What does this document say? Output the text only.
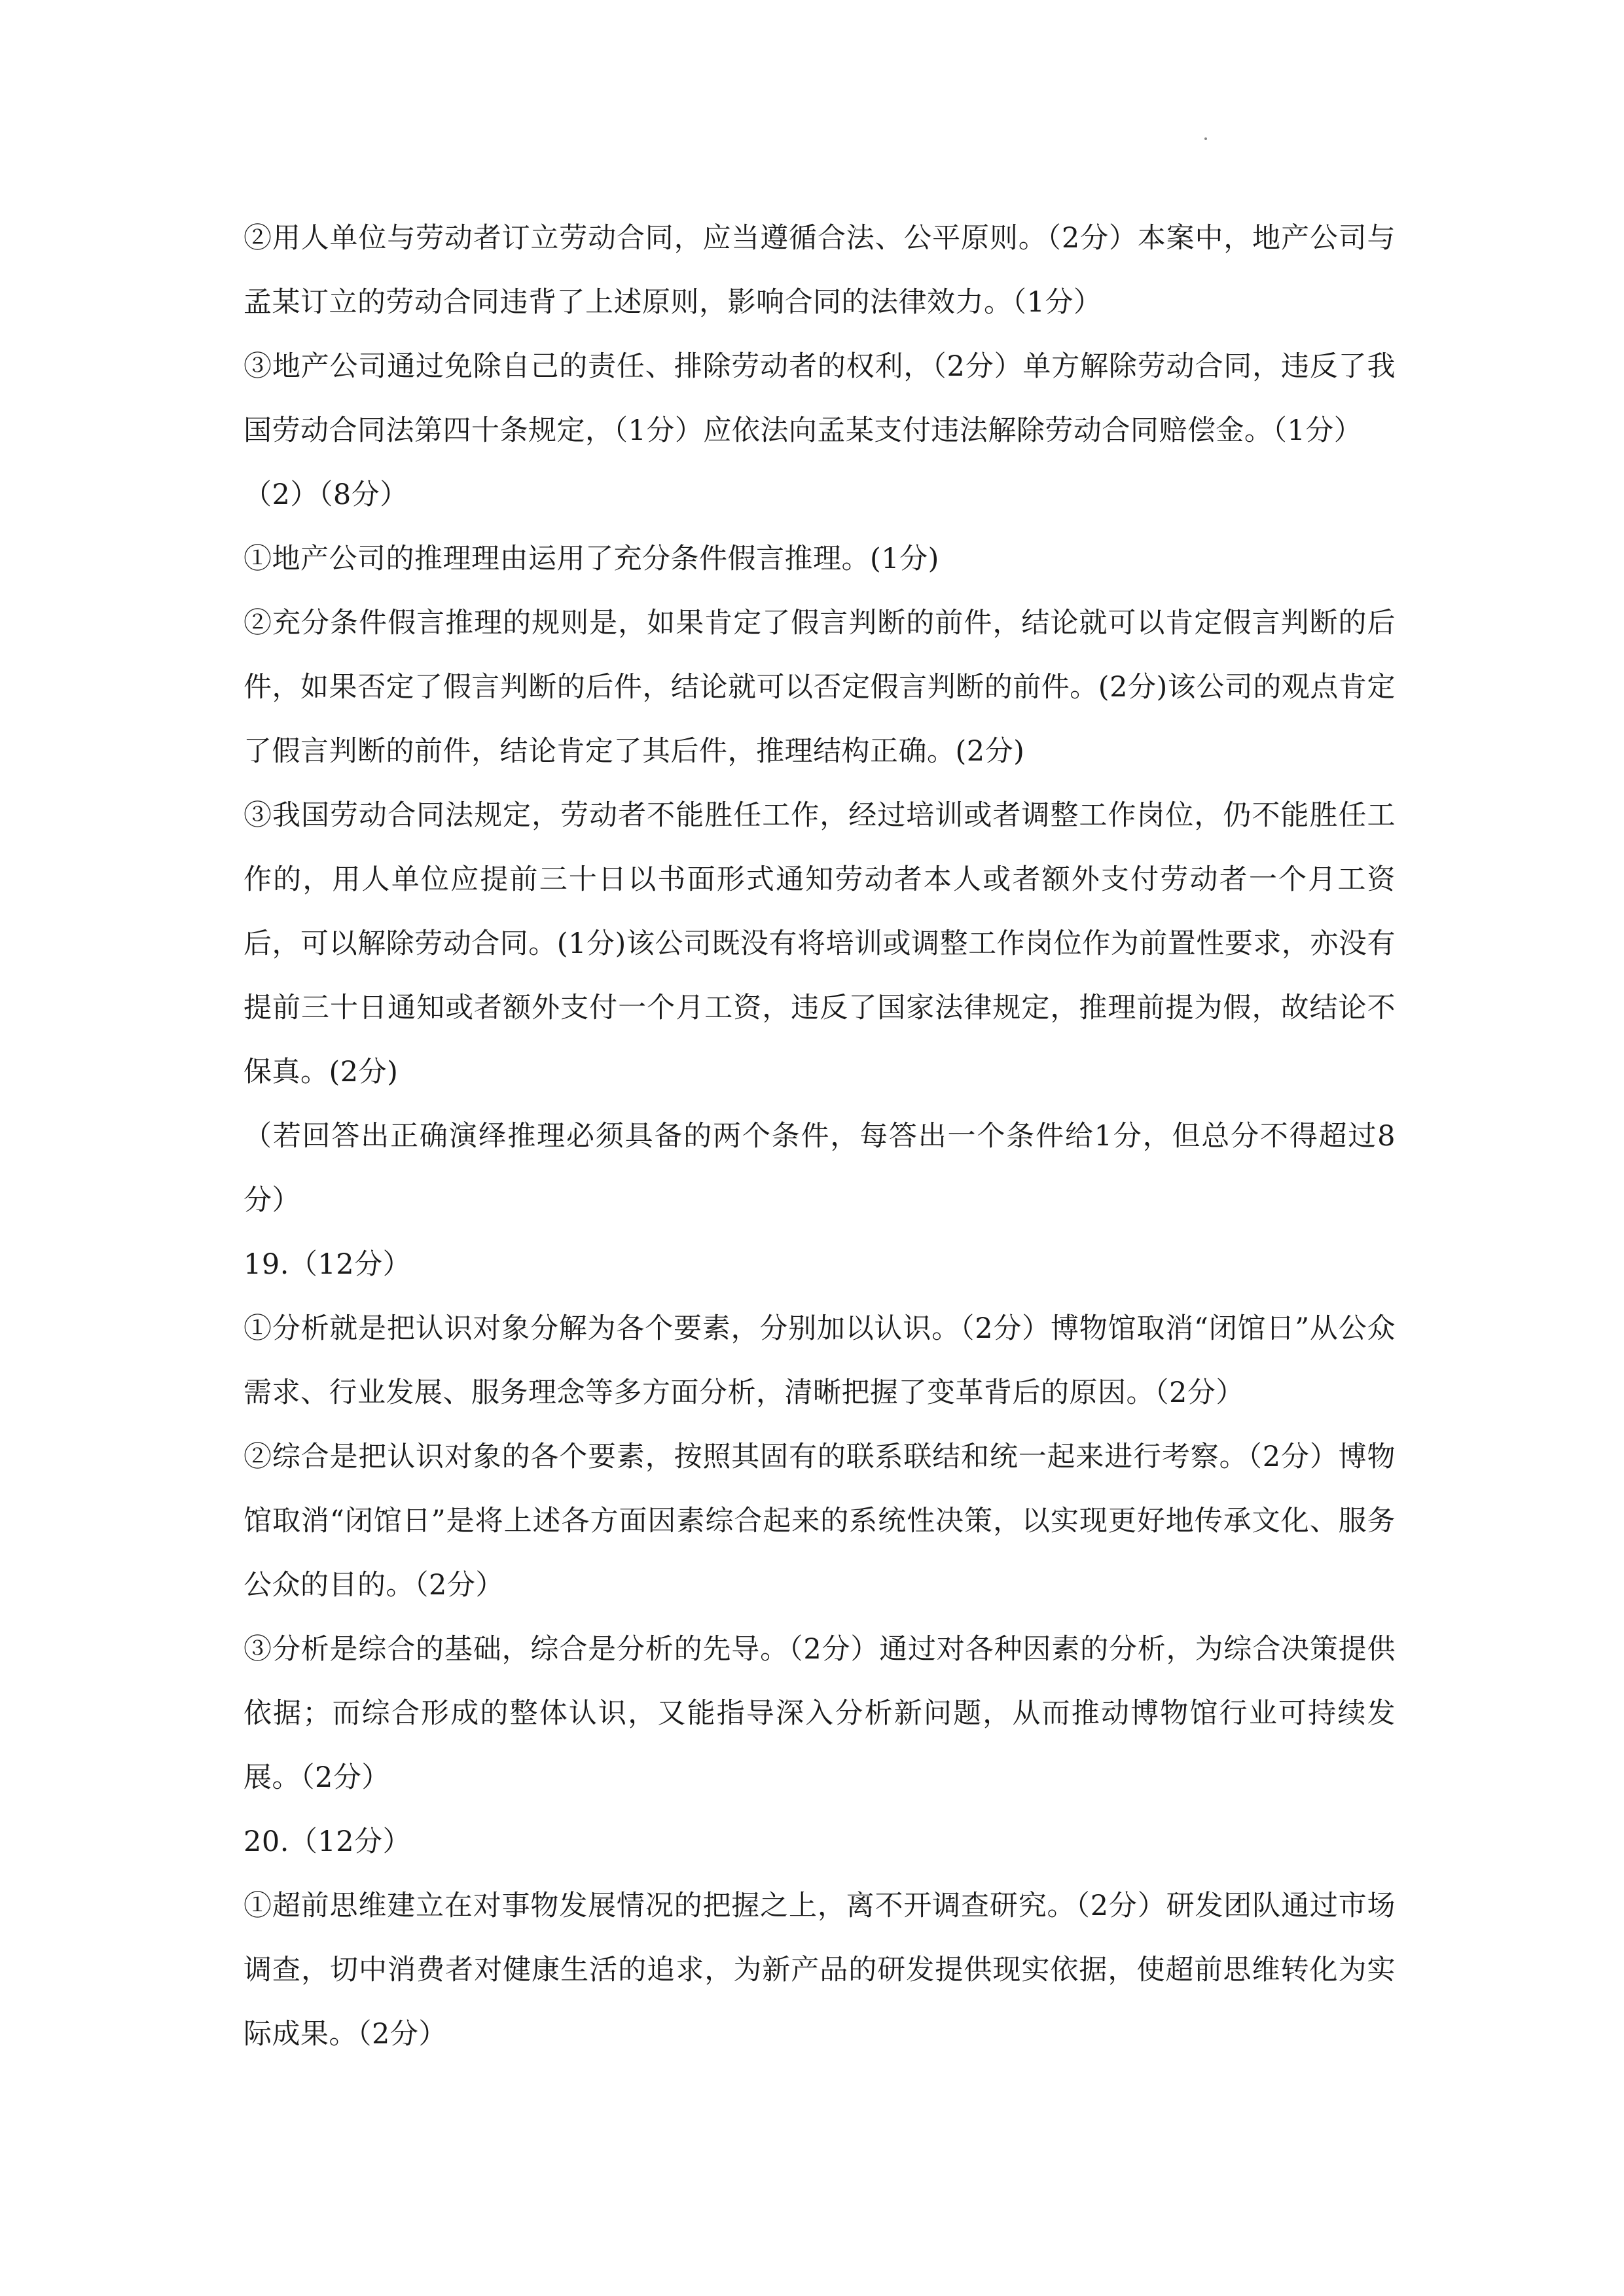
②用人单位与劳动者订立劳动合同，应当遵循合法、公平原则。（2分）本案中，地产公司与孟某订立的劳动合同违背了上述原则，影响合同的法律效力。（1分）

③地产公司通过免除自己的责任、排除劳动者的权利，（2分）单方解除劳动合同，违反了我国劳动合同法第四十条规定，（1分）应依法向孟某支付违法解除劳动合同赔偿金。（1分）

（2）（8分）

①地产公司的推理理由运用了充分条件假言推理。(1分)

②充分条件假言推理的规则是，如果肯定了假言判断的前件，结论就可以肯定假言判断的后件，如果否定了假言判断的后件，结论就可以否定假言判断的前件。(2分)该公司的观点肯定了假言判断的前件，结论肯定了其后件，推理结构正确。(2分)

③我国劳动合同法规定，劳动者不能胜任工作，经过培训或者调整工作岗位，仍不能胜任工作的，用人单位应提前三十日以书面形式通知劳动者本人或者额外支付劳动者一个月工资后，可以解除劳动合同。(1分)该公司既没有将培训或调整工作岗位作为前置性要求，亦没有提前三十日通知或者额外支付一个月工资，违反了国家法律规定，推理前提为假，故结论不保真。(2分)

（若回答出正确演绎推理必须具备的两个条件，每答出一个条件给1分，但总分不得超过8分）

19.（12分）

①分析就是把认识对象分解为各个要素，分别加以认识。（2分）博物馆取消“闭馆日”从公众需求、行业发展、服务理念等多方面分析，清晰把握了变革背后的原因。（2分）

②综合是把认识对象的各个要素，按照其固有的联系联结和统一起来进行考察。（2分）博物馆取消“闭馆日”是将上述各方面因素综合起来的系统性决策，以实现更好地传承文化、服务公众的目的。（2分）

③分析是综合的基础，综合是分析的先导。（2分）通过对各种因素的分析，为综合决策提供依据；而综合形成的整体认识，又能指导深入分析新问题，从而推动博物馆行业可持续发展。（2分）

20.（12分）

①超前思维建立在对事物发展情况的把握之上，离不开调查研究。（2分）研发团队通过市场调查，切中消费者对健康生活的追求，为新产品的研发提供现实依据，使超前思维转化为实际成果。（2分）
